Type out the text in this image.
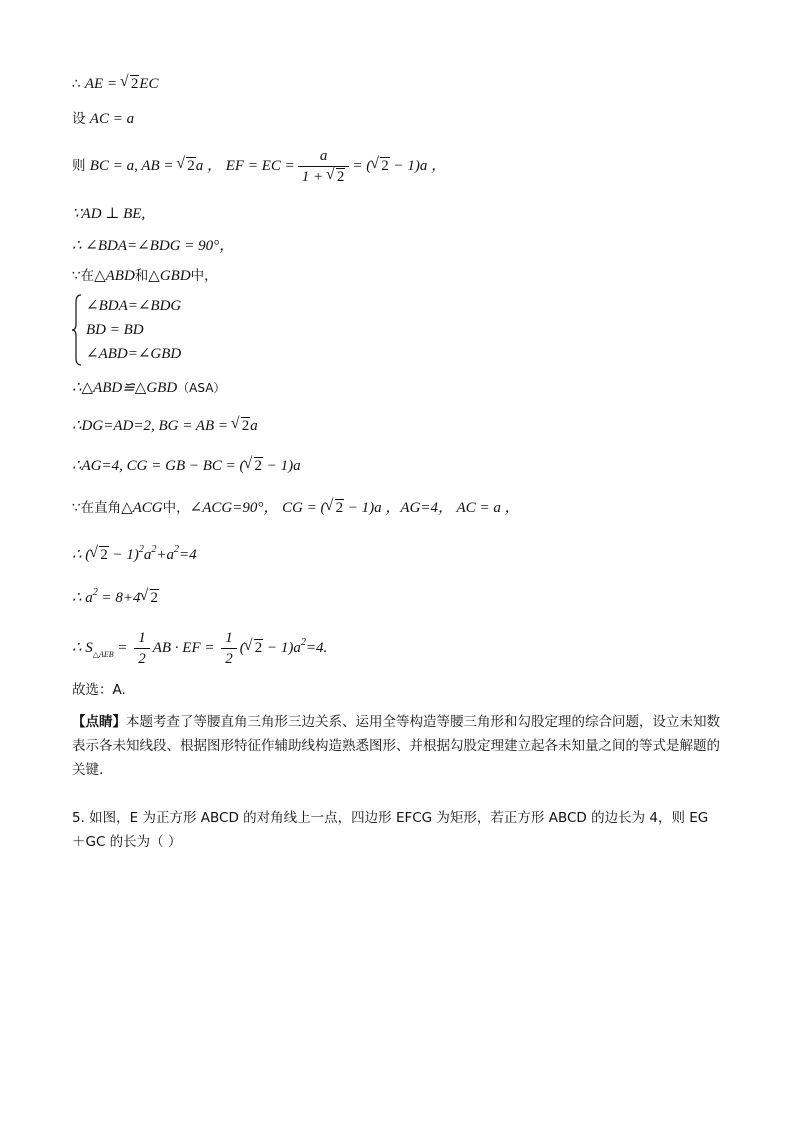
∴ AE = √ 2EC
设 AC = a
则 BC = a, AB = √ 2a ， EF = EC = $\frac{a}{1 + √ 2}$ = (√ 2 − 1)a ，
∵AD ⊥ BE,
∴ ∠BDA=∠BDG = 90°，
∵在△ABD和△GBD中，
∠BDA=∠BDG
BD = BD
∠ABD=∠GBD
∴△ABD≌△GBD（ASA）
∴DG=AD=2, BG = AB = √ 2a
∴AG=4, CG = GB − BC = (√ 2 − 1)a
∵在直角△ACG中，∠ACG=90°， CG = (√ 2 − 1)a ，AG=4， AC = a ，
∴ (√ $2 - 1)^2a^2+a^2=4$
∴ $a^2 = 8+4√$ 2
∴ $S_{\triangle AEB} = \frac{1}{2}$ AB · EF = $\frac{1}{2}$ (√ $2 - 1)a^2=4$.
故选：A.
【点睛】本题考查了等腰直角三角形三边关系、运用全等构造等腰三角形和勾股定理的综合问题，设立未知数表示各未知线段、根据图形特征作辅助线构造熟悉图形、并根据勾股定理建立起各未知量之间的等式是解题的关键.
5. 如图，E 为正方形 ABCD 的对角线上一点，四边形 EFCG 为矩形，若正方形 ABCD 的边长为 4，则 EG ＋GC 的长为（ ）
